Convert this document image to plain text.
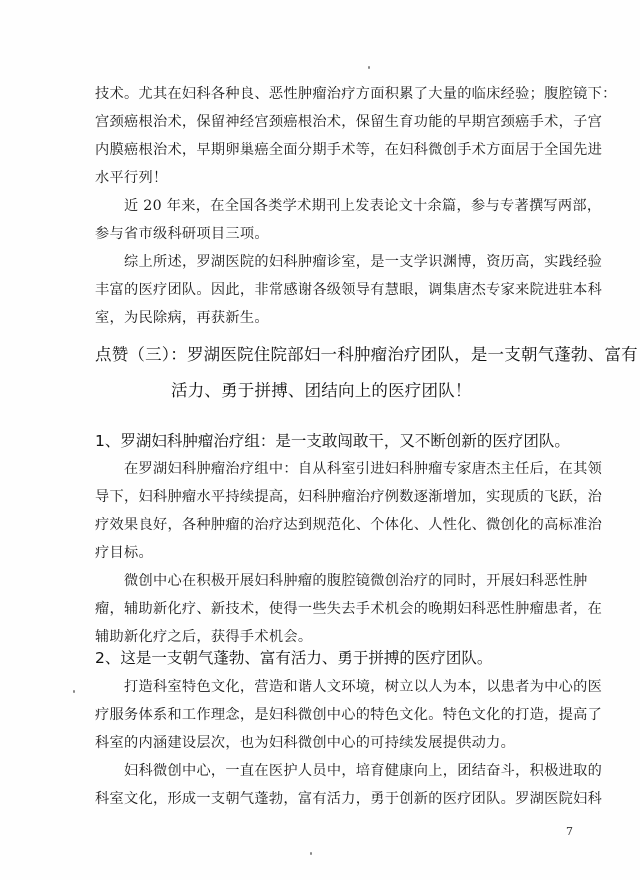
技术。尤其在妇科各种良、恶性肿瘤治疗方面积累了大量的临床经验；腹腔镜下：
宫颈癌根治术，保留神经宫颈癌根治术，保留生育功能的早期宫颈癌手术，子宫
内膜癌根治术，早期卵巢癌全面分期手术等，在妇科微创手术方面居于全国先进
水平行列！
近 20 年来，在全国各类学术期刊上发表论文十余篇，参与专著撰写两部，
参与省市级科研项目三项。
综上所述，罗湖医院的妇科肿瘤诊室，是一支学识渊博，资历高，实践经验
丰富的医疗团队。因此，非常感谢各级领导有慧眼，调集唐杰专家来院进驻本科
室，为民除病，再获新生。
点赞（三）：罗湖医院住院部妇一科肿瘤治疗团队，是一支朝气蓬勃、富有
活力、勇于拼搏、团结向上的医疗团队！
1、罗湖妇科肿瘤治疗组：是一支敢闯敢干，又不断创新的医疗团队。
在罗湖妇科肿瘤治疗组中：自从科室引进妇科肿瘤专家唐杰主任后，在其领
导下，妇科肿瘤水平持续提高，妇科肿瘤治疗例数逐渐增加，实现质的飞跃，治
疗效果良好，各种肿瘤的治疗达到规范化、个体化、人性化、微创化的高标准治
疗目标。
微创中心在积极开展妇科肿瘤的腹腔镜微创治疗的同时，开展妇科恶性肿
瘤，辅助新化疗、新技术，使得一些失去手术机会的晚期妇科恶性肿瘤患者，在
辅助新化疗之后，获得手术机会。
2、这是一支朝气蓬勃、富有活力、勇于拼搏的医疗团队。
打造科室特色文化，营造和谐人文环境，树立以人为本，以患者为中心的医
疗服务体系和工作理念，是妇科微创中心的特色文化。特色文化的打造，提高了
科室的内涵建设层次，也为妇科微创中心的可持续发展提供动力。
妇科微创中心，一直在医护人员中，培育健康向上，团结奋斗，积极进取的
科室文化，形成一支朝气蓬勃，富有活力，勇于创新的医疗团队。罗湖医院妇科
7
